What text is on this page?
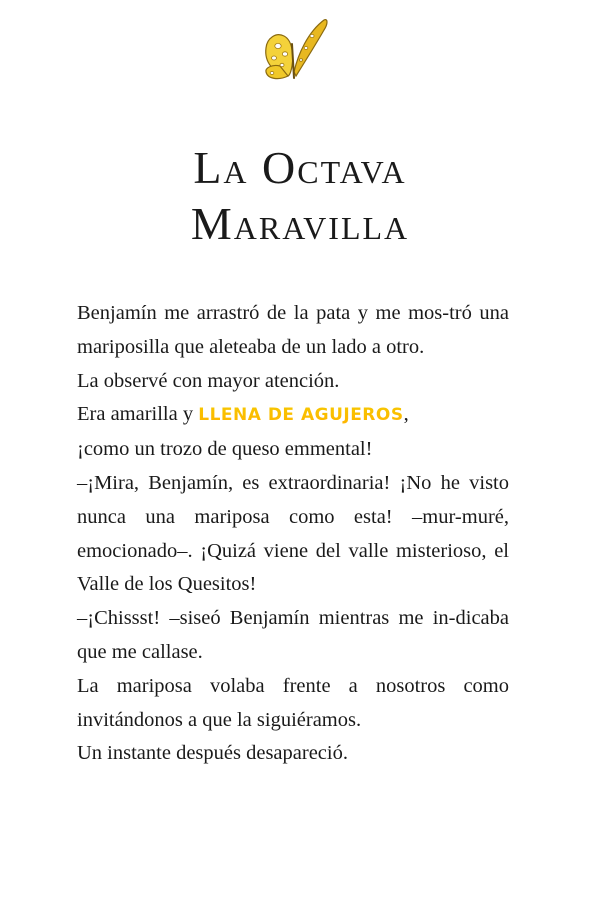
La Octava
Maravilla

Benjamín me arrastró de la pata y me mos-tró una mariposilla que aleteaba de un lado a otro.

La observé con mayor atención.

Era amarilla y LLENA DE AGUJEROS,

¡como un trozo de queso emmental!

–¡Mira, Benjamín, es extraordinaria! ¡No he visto nunca una mariposa como esta! –mur-muré, emocionado–. ¡Quizá viene del valle misterioso, el Valle de los Quesitos!

–¡Chissst! –siseó Benjamín mientras me in-dicaba que me callase.

La mariposa volaba frente a nosotros como invitándonos a que la siguiéramos.

Un instante después desapareció.
